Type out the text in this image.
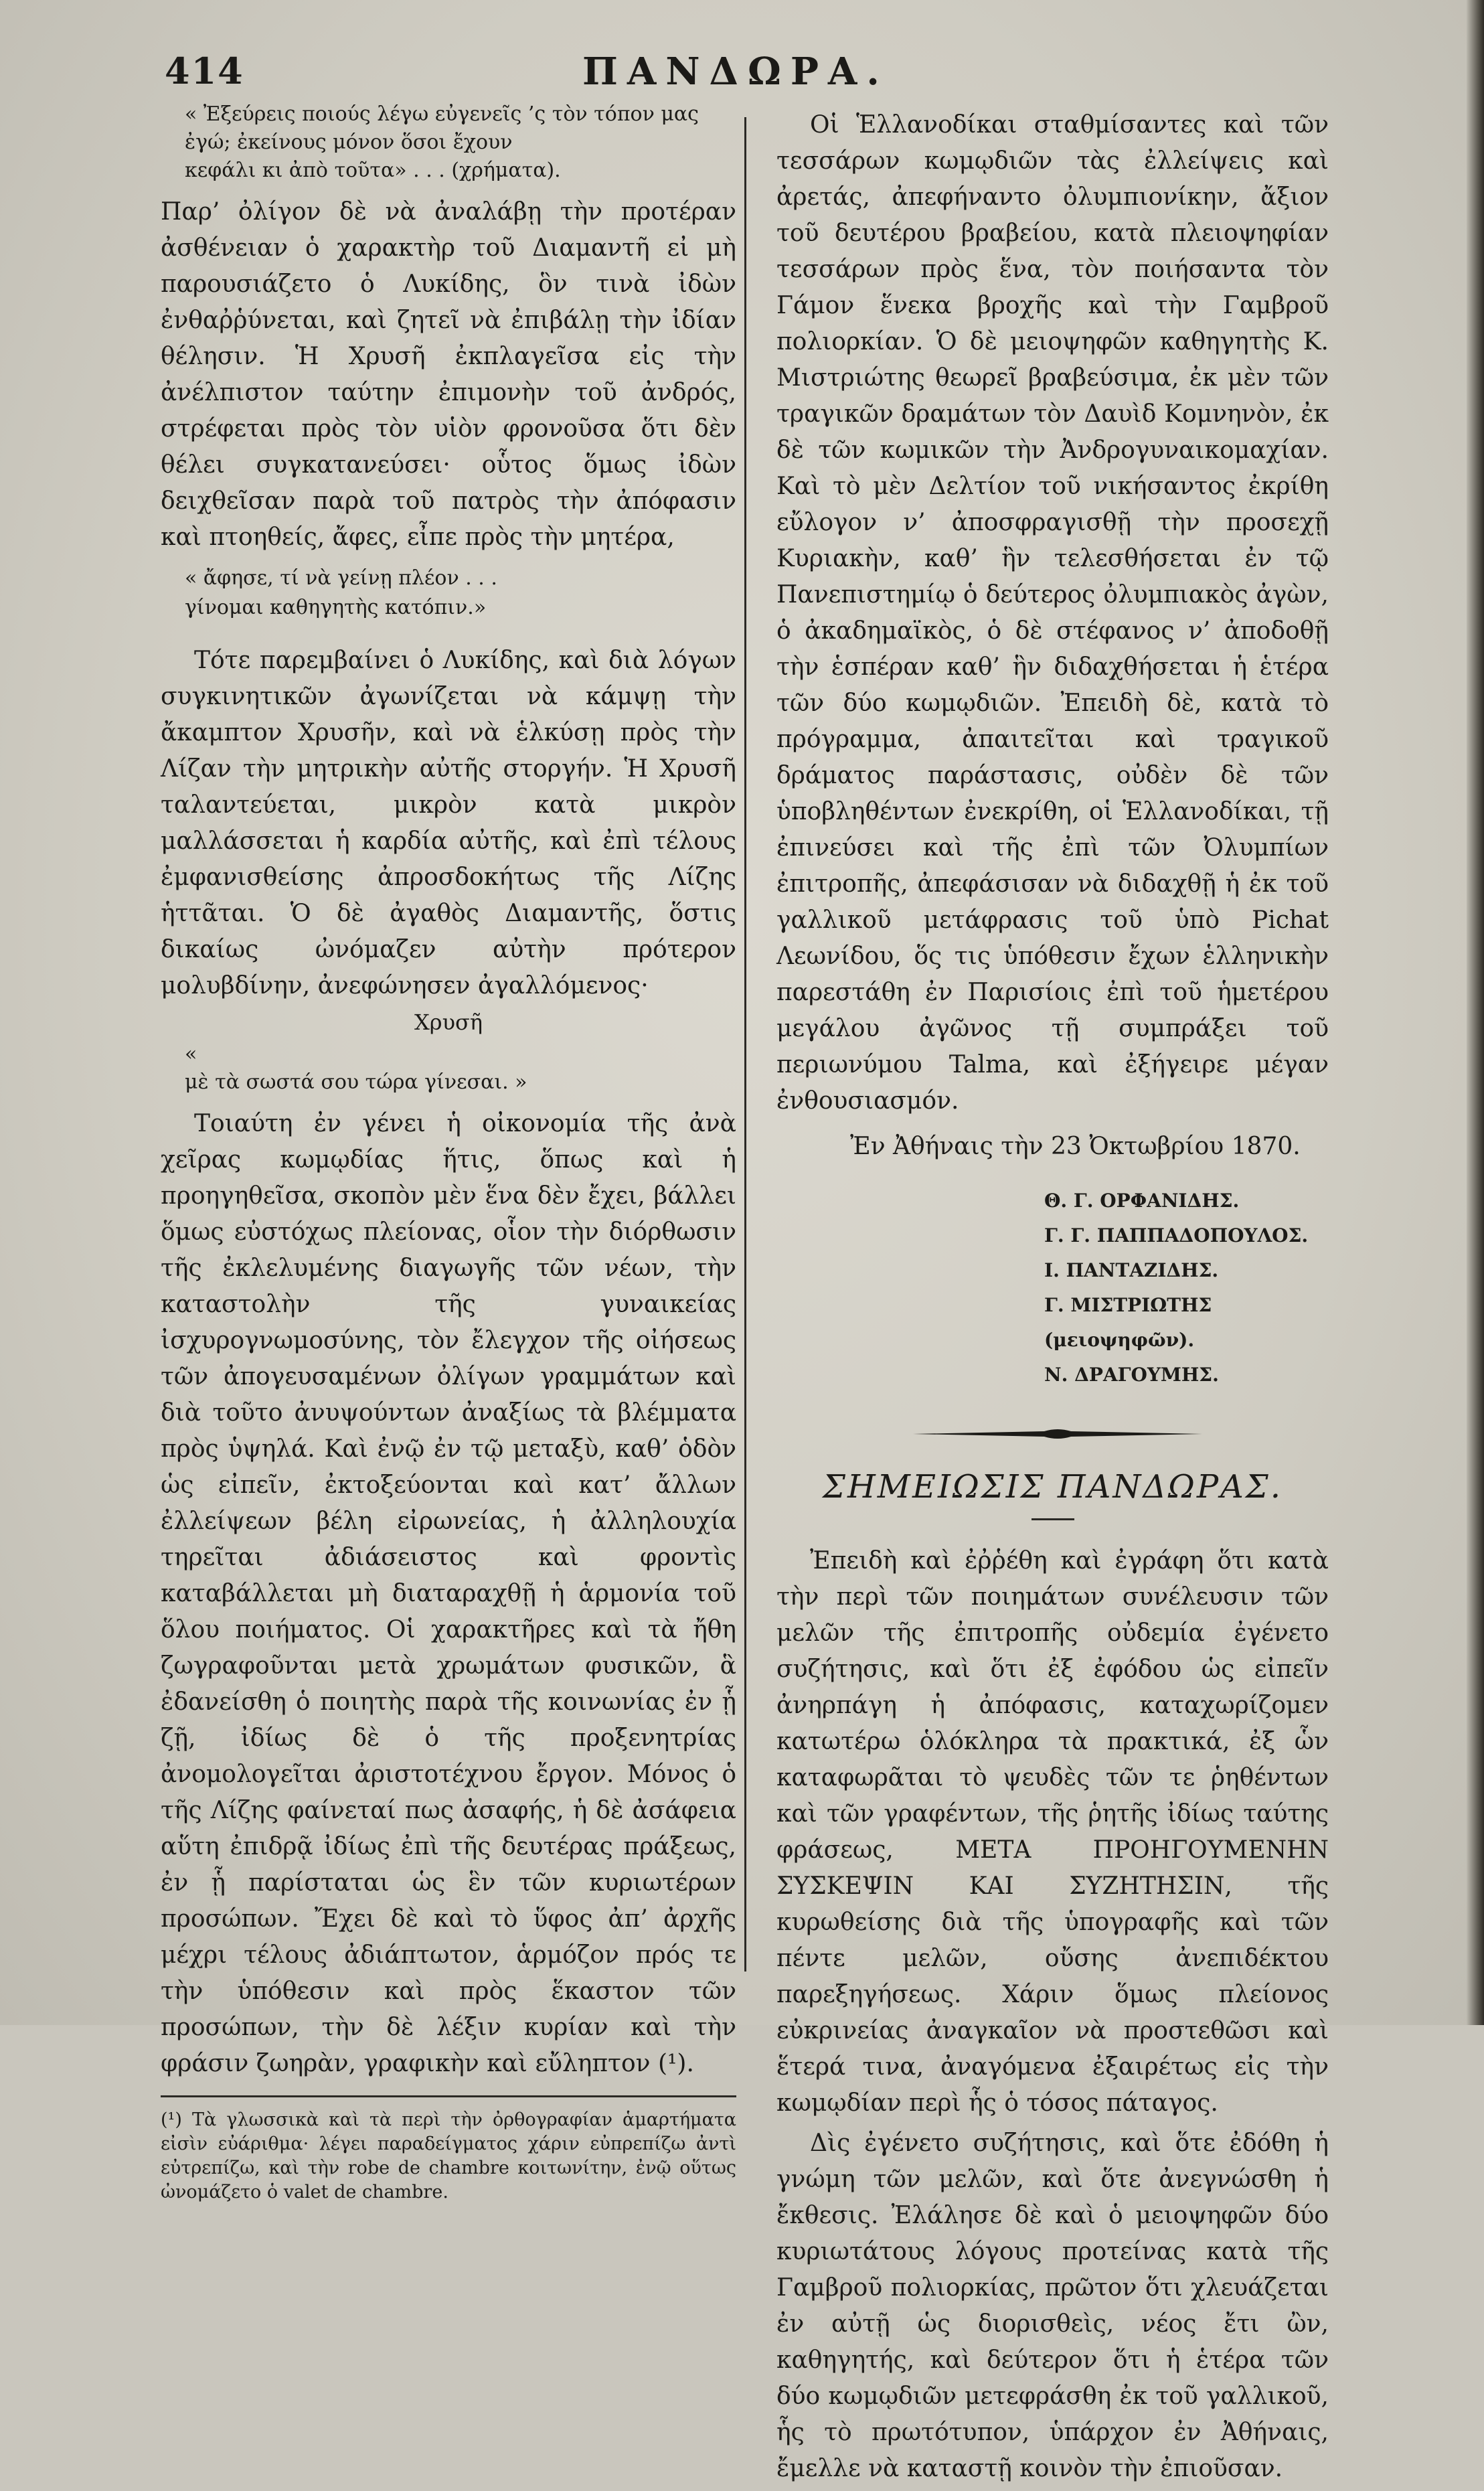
414	ΠΑΝΔΩΡΑ.
« Ἐξεύρεις ποιούς λέγω εὐγενεῖς ’ς τὸν τόπον μας
ἐγώ; ἐκείνους μόνον ὅσοι ἔχουν
κεφάλι κι ἀπὸ τοῦτα» . . . (χρήματα).

Παρ’ ὀλίγον δὲ νὰ ἀναλάβῃ τὴν προτέραν ἀσθένειαν ὁ χαρακτὴρ τοῦ Διαμαντῆ εἰ μὴ παρουσιάζετο ὁ Λυκίδης, ὃν τινὰ ἰδὼν ἐνθαῤῥύνεται, καὶ ζητεῖ νὰ ἐπιβάλῃ τὴν ἰδίαν θέλησιν. Ἡ Χρυσῆ ἐκπλαγεῖσα εἰς τὴν ἀνέλπιστον ταύτην ἐπιμονὴν τοῦ ἀνδρός, στρέφεται πρὸς τὸν υἱὸν φρονοῦσα ὅτι δὲν θέλει συγκατανεύσει· οὗτος ὅμως ἰδὼν δειχθεῖσαν παρὰ τοῦ πατρὸς τὴν ἀπόφασιν καὶ πτοηθείς, ἄφες, εἶπε πρὸς τὴν μητέρα,

« ἄφησε, τί νὰ γείνῃ πλέον . . .
γίνομαι καθηγητὴς κατόπιν.»

Τότε παρεμβαίνει ὁ Λυκίδης, καὶ διὰ λόγων συγκινητικῶν ἀγωνίζεται νὰ κάμψῃ τὴν ἄκαμπτον Χρυσῆν, καὶ νὰ ἑλκύσῃ πρὸς τὴν Λίζαν τὴν μητρικὴν αὐτῆς στοργήν. Ἡ Χρυσῆ ταλαντεύεται, μικρὸν κατὰ μικρὸν μαλλάσσεται ἡ καρδία αὐτῆς, καὶ ἐπὶ τέλους ἐμφανισθείσης ἀπροσδοκήτως τῆς Λίζης ἡττᾶται. Ὁ δὲ ἀγαθὸς Διαμαντῆς, ὅστις δικαίως ὠνόμαζεν αὐτὴν πρότερον μολυβδίνην, ἀνεφώνησεν ἀγαλλόμενος·

Χρυσῆ
«
μὲ τὰ σωστά σου τώρα γίνεσαι. »

Τοιαύτη ἐν γένει ἡ οἰκονομία τῆς ἀνὰ χεῖρας κωμῳδίας ἥτις, ὅπως καὶ ἡ προηγηθεῖσα, σκοπὸν μὲν ἕνα δὲν ἔχει, βάλλει ὅμως εὐστόχως πλείονας, οἷον τὴν διόρθωσιν τῆς ἐκλελυμένης διαγωγῆς τῶν νέων, τὴν καταστολὴν τῆς γυναικείας ἰσχυρογνωμοσύνης, τὸν ἔλεγχον τῆς οἰήσεως τῶν ἀπογευσαμένων ὀλίγων γραμμάτων καὶ διὰ τοῦτο ἀνυψούντων ἀναξίως τὰ βλέμματα πρὸς ὑψηλά. Καὶ ἐνῷ ἐν τῷ μεταξὺ, καθ’ ὁδὸν ὡς εἰπεῖν, ἐκτοξεύονται καὶ κατ’ ἄλλων ἐλλείψεων βέλη εἰρωνείας, ἡ ἀλληλουχία τηρεῖται ἀδιάσειστος καὶ φροντὶς καταβάλλεται μὴ διαταραχθῇ ἡ ἁρμονία τοῦ ὅλου ποιήματος. Οἱ χαρακτῆρες καὶ τὰ ἤθη ζωγραφοῦνται μετὰ χρωμάτων φυσικῶν, ἃ ἐδανείσθη ὁ ποιητὴς παρὰ τῆς κοινωνίας ἐν ᾗ ζῇ, ἰδίως δὲ ὁ τῆς προξενητρίας ἀνομολογεῖται ἀριστοτέχνου ἔργον. Μόνος ὁ τῆς Λίζης φαίνεταί πως ἀσαφής, ἡ δὲ ἀσάφεια αὕτη ἐπιδρᾷ ἰδίως ἐπὶ τῆς δευτέρας πράξεως, ἐν ᾗ παρίσταται ὡς ἓν τῶν κυριωτέρων προσώπων. Ἔχει δὲ καὶ τὸ ὕφος ἀπ’ ἀρχῆς μέχρι τέλους ἀδιάπτωτον, ἁρμόζον πρός τε τὴν ὑπόθεσιν καὶ πρὸς ἕκαστον τῶν προσώπων, τὴν δὲ λέξιν κυρίαν καὶ τὴν φράσιν ζωηρὰν, γραφικὴν καὶ εὔληπτον (¹).

(¹) Τὰ γλωσσικὰ καὶ τὰ περὶ τὴν ὀρθογραφίαν ἁμαρτήματα εἰσὶν εὐάριθμα· λέγει παραδείγματος χάριν εὐπρεπίζω ἀντὶ εὐτρεπίζω, καὶ τὴν robe de chambre κοιτωνίτην, ἐνῷ οὕτως ὠνομάζετο ὁ valet de chambre.

Οἱ Ἑλλανοδίκαι σταθμίσαντες καὶ τῶν τεσσάρων κωμῳδιῶν τὰς ἐλλείψεις καὶ ἀρετάς, ἀπεφήναντο ὀλυμπιονίκην, ἄξιον τοῦ δευτέρου βραβείου, κατὰ πλειοψηφίαν τεσσάρων πρὸς ἕνα, τὸν ποιήσαντα τὸν Γάμον ἕνεκα βροχῆς καὶ τὴν Γαμβροῦ πολιορκίαν. Ὁ δὲ μειοψηφῶν καθηγητὴς Κ. Μιστριώτης θεωρεῖ βραβεύσιμα, ἐκ μὲν τῶν τραγικῶν δραμάτων τὸν Δαυὶδ Κομνηνὸν, ἐκ δὲ τῶν κωμικῶν τὴν Ἀνδρογυναικομαχίαν. Καὶ τὸ μὲν Δελτίον τοῦ νικήσαντος ἐκρίθη εὔλογον ν’ ἀποσφραγισθῇ τὴν προσεχῇ Κυριακὴν, καθ’ ἣν τελεσθήσεται ἐν τῷ Πανεπιστημίῳ ὁ δεύτερος ὀλυμπιακὸς ἀγὼν, ὁ ἀκαδημαϊκὸς, ὁ δὲ στέφανος ν’ ἀποδοθῇ τὴν ἑσπέραν καθ’ ἣν διδαχθήσεται ἡ ἑτέρα τῶν δύο κωμῳδιῶν. Ἐπειδὴ δὲ, κατὰ τὸ πρόγραμμα, ἀπαιτεῖται καὶ τραγικοῦ δράματος παράστασις, οὐδὲν δὲ τῶν ὑποβληθέντων ἐνεκρίθη, οἱ Ἑλλανοδίκαι, τῇ ἐπινεύσει καὶ τῆς ἐπὶ τῶν Ὀλυμπίων ἐπιτροπῆς, ἀπεφάσισαν νὰ διδαχθῇ ἡ ἐκ τοῦ γαλλικοῦ μετάφρασις τοῦ ὑπὸ Pichat Λεωνίδου, ὅς τις ὑπόθεσιν ἔχων ἑλληνικὴν παρεστάθη ἐν Παρισίοις ἐπὶ τοῦ ἡμετέρου μεγάλου ἀγῶνος τῇ συμπράξει τοῦ περιωνύμου Talma, καὶ ἐξήγειρε μέγαν ἐνθουσιασμόν.

Ἐν Ἀθήναις τὴν 23 Ὀκτωβρίου 1870.
Θ. Γ. ΟΡΦΑΝΙΔΗΣ.
Γ. Γ. ΠΑΠΠΑΔΟΠΟΥΛΟΣ.
Ι. ΠΑΝΤΑΖΙΔΗΣ.
Γ. ΜΙΣΤΡΙΩΤΗΣ (μειοψηφῶν).
Ν. ΔΡΑΓΟΥΜΗΣ.
ΣΗΜΕΙΩΣΙΣ ΠΑΝΔΩΡΑΣ.

Ἐπειδὴ καὶ ἐῤῥέθη καὶ ἐγράφη ὅτι κατὰ τὴν περὶ τῶν ποιημάτων συνέλευσιν τῶν μελῶν τῆς ἐπιτροπῆς οὐδεμία ἐγένετο συζήτησις, καὶ ὅτι ἐξ ἐφόδου ὡς εἰπεῖν ἀνηρπάγη ἡ ἀπόφασις, καταχωρίζομεν κατωτέρω ὁλόκληρα τὰ πρακτικά, ἐξ ὧν καταφωρᾶται τὸ ψευδὲς τῶν τε ῥηθέντων καὶ τῶν γραφέντων, τῆς ῥητῆς ἰδίως ταύτης φράσεως, ΜΕΤΑ ΠΡΟΗΓΟΥΜΕΝΗΝ ΣΥΣΚΕΨΙΝ ΚΑΙ ΣΥΖΗΤΗΣΙΝ, τῆς κυρωθείσης διὰ τῆς ὑπογραφῆς καὶ τῶν πέντε μελῶν, οὔσης ἀνεπιδέκτου παρεξηγήσεως. Χάριν ὅμως πλείονος εὐκρινείας ἀναγκαῖον νὰ προστεθῶσι καὶ ἕτερά τινα, ἀναγόμενα ἐξαιρέτως εἰς τὴν κωμῳδίαν περὶ ἧς ὁ τόσος πάταγος.

Δὶς ἐγένετο συζήτησις, καὶ ὅτε ἐδόθη ἡ γνώμη τῶν μελῶν, καὶ ὅτε ἀνεγνώσθη ἡ ἔκθεσις. Ἐλάλησε δὲ καὶ ὁ μειοψηφῶν δύο κυριωτάτους λόγους προτείνας κατὰ τῆς Γαμβροῦ πολιορκίας, πρῶτον ὅτι χλευάζεται ἐν αὐτῇ ὡς διορισθεὶς, νέος ἔτι ὢν, καθηγητής, καὶ δεύτερον ὅτι ἡ ἑτέρα τῶν δύο κωμῳδιῶν μετεφράσθη ἐκ τοῦ γαλλικοῦ, ἧς τὸ πρωτότυπον, ὑπάρχον ἐν Ἀθήναις, ἔμελλε νὰ καταστῇ κοινὸν τὴν ἐπιοῦσαν.
